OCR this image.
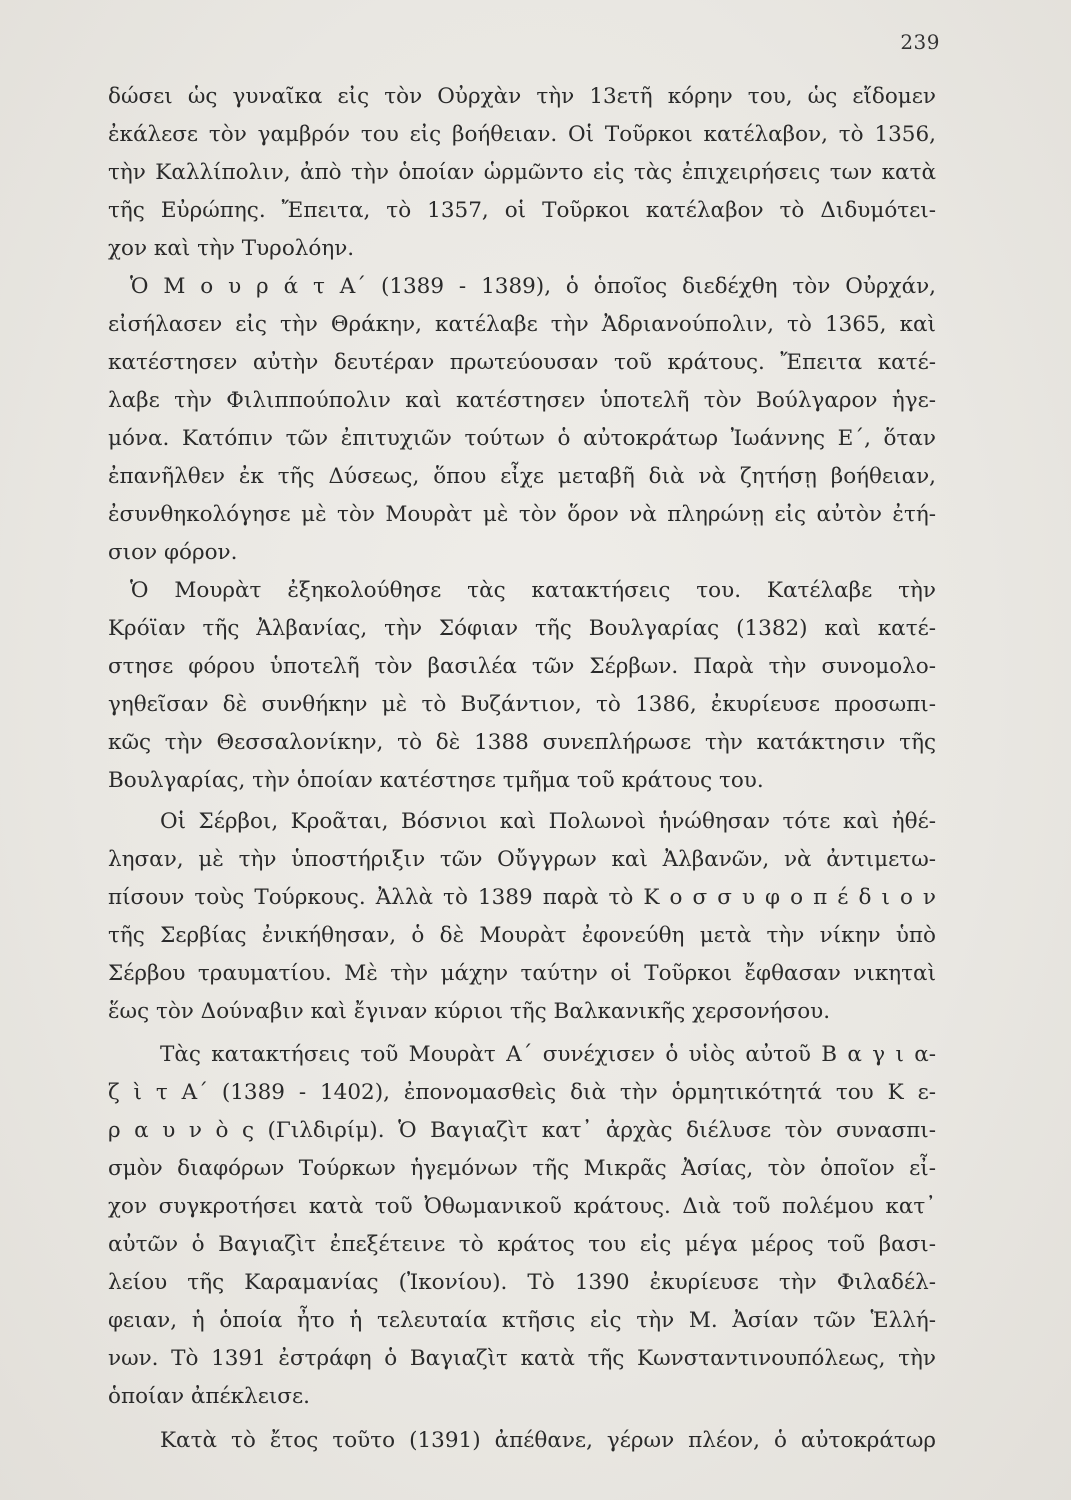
239
δώσει ὡς γυναῖκα εἰς τὸν Οὐρχὰν τὴν 13ετῆ κόρην του, ὡς εἴδομεν
ἐκάλεσε τὸν γαμβρόν του εἰς βοήθειαν. Οἱ Τοῦρκοι κατέλαβον, τὸ 1356,
τὴν Καλλίπολιν, ἀπὸ τὴν ὁποίαν ὡρμῶντο εἰς τὰς ἐπιχειρήσεις των κατὰ
τῆς Εὐρώπης. Ἔπειτα, τὸ 1357, οἱ Τοῦρκοι κατέλαβον τὸ Διδυμότει-
χον καὶ τὴν Τυρολόην.
Ὁ Μ ο υ ρ ά τ Α΄ (1389 - 1389), ὁ ὁποῖος διεδέχθη τὸν Οὐρχάν,
εἰσήλασεν εἰς τὴν Θράκην, κατέλαβε τὴν Ἀδριανούπολιν, τὸ 1365, καὶ
κατέστησεν αὐτὴν δευτέραν πρωτεύουσαν τοῦ κράτους. Ἔπειτα κατέ-
λαβε τὴν Φιλιππούπολιν καὶ κατέστησεν ὑποτελῆ τὸν Βούλγαρον ἡγε-
μόνα. Κατόπιν τῶν ἐπιτυχιῶν τούτων ὁ αὐτοκράτωρ Ἰωάννης Ε΄, ὅταν
ἐπανῆλθεν ἐκ τῆς Δύσεως, ὅπου εἶχε μεταβῆ διὰ νὰ ζητήσῃ βοήθειαν,
ἐσυνθηκολόγησε μὲ τὸν Μουρὰτ μὲ τὸν ὅρον νὰ πληρώνῃ εἰς αὐτὸν ἐτή-
σιον φόρον.
Ὁ Μουρὰτ ἐξηκολούθησε τὰς κατακτήσεις του. Κατέλαβε τὴν
Κρόϊαν τῆς Ἀλβανίας, τὴν Σόφιαν τῆς Βουλγαρίας (1382) καὶ κατέ-
στησε φόρου ὑποτελῆ τὸν βασιλέα τῶν Σέρβων. Παρὰ τὴν συνομολο-
γηθεῖσαν δὲ συνθήκην μὲ τὸ Βυζάντιον, τὸ 1386, ἐκυρίευσε προσωπι-
κῶς τὴν Θεσσαλονίκην, τὸ δὲ 1388 συνεπλήρωσε τὴν κατάκτησιν τῆς
Βουλγαρίας, τὴν ὁποίαν κατέστησε τμῆμα τοῦ κράτους του.
Οἱ Σέρβοι, Κροᾶται, Βόσνιοι καὶ Πολωνοὶ ἡνώθησαν τότε καὶ ἠθέ-
λησαν, μὲ τὴν ὑποστήριξιν τῶν Οὔγγρων καὶ Ἀλβανῶν, νὰ ἀντιμετω-
πίσουν τοὺς Τούρκους. Ἀλλὰ τὸ 1389 παρὰ τὸ Κ ο σ σ υ φ ο π έ δ ι ο ν
τῆς Σερβίας ἐνικήθησαν, ὁ δὲ Μουρὰτ ἐφονεύθη μετὰ τὴν νίκην ὑπὸ
Σέρβου τραυματίου. Μὲ τὴν μάχην ταύτην οἱ Τοῦρκοι ἔφθασαν νικηταὶ
ἕως τὸν Δούναβιν καὶ ἔγιναν κύριοι τῆς Βαλκανικῆς χερσονήσου.
Τὰς κατακτήσεις τοῦ Μουρὰτ Α΄ συνέχισεν ὁ υἱὸς αὐτοῦ Β α γ ι α-
ζ ὶ τ Α΄ (1389 - 1402), ἐπονομασθεὶς διὰ τὴν ὁρμητικότητά του Κ ε-
ρ α υ ν ὸ ς (Γιλδιρίμ). Ὁ Βαγιαζὶτ κατ᾽ ἀρχὰς διέλυσε τὸν συνασπι-
σμὸν διαφόρων Τούρκων ἡγεμόνων τῆς Μικρᾶς Ἀσίας, τὸν ὁποῖον εἶ-
χον συγκροτήσει κατὰ τοῦ Ὀθωμανικοῦ κράτους. Διὰ τοῦ πολέμου κατ᾽
αὐτῶν ὁ Βαγιαζὶτ ἐπεξέτεινε τὸ κράτος του εἰς μέγα μέρος τοῦ βασι-
λείου τῆς Καραμανίας (Ἰκονίου). Τὸ 1390 ἐκυρίευσε τὴν Φιλαδέλ-
φειαν, ἡ ὁποία ἦτο ἡ τελευταία κτῆσις εἰς τὴν Μ. Ἀσίαν τῶν Ἑλλή-
νων. Τὸ 1391 ἐστράφη ὁ Βαγιαζὶτ κατὰ τῆς Κωνσταντινουπόλεως, τὴν
ὁποίαν ἀπέκλεισε.
Κατὰ τὸ ἔτος τοῦτο (1391) ἀπέθανε, γέρων πλέον, ὁ αὐτοκράτωρ
